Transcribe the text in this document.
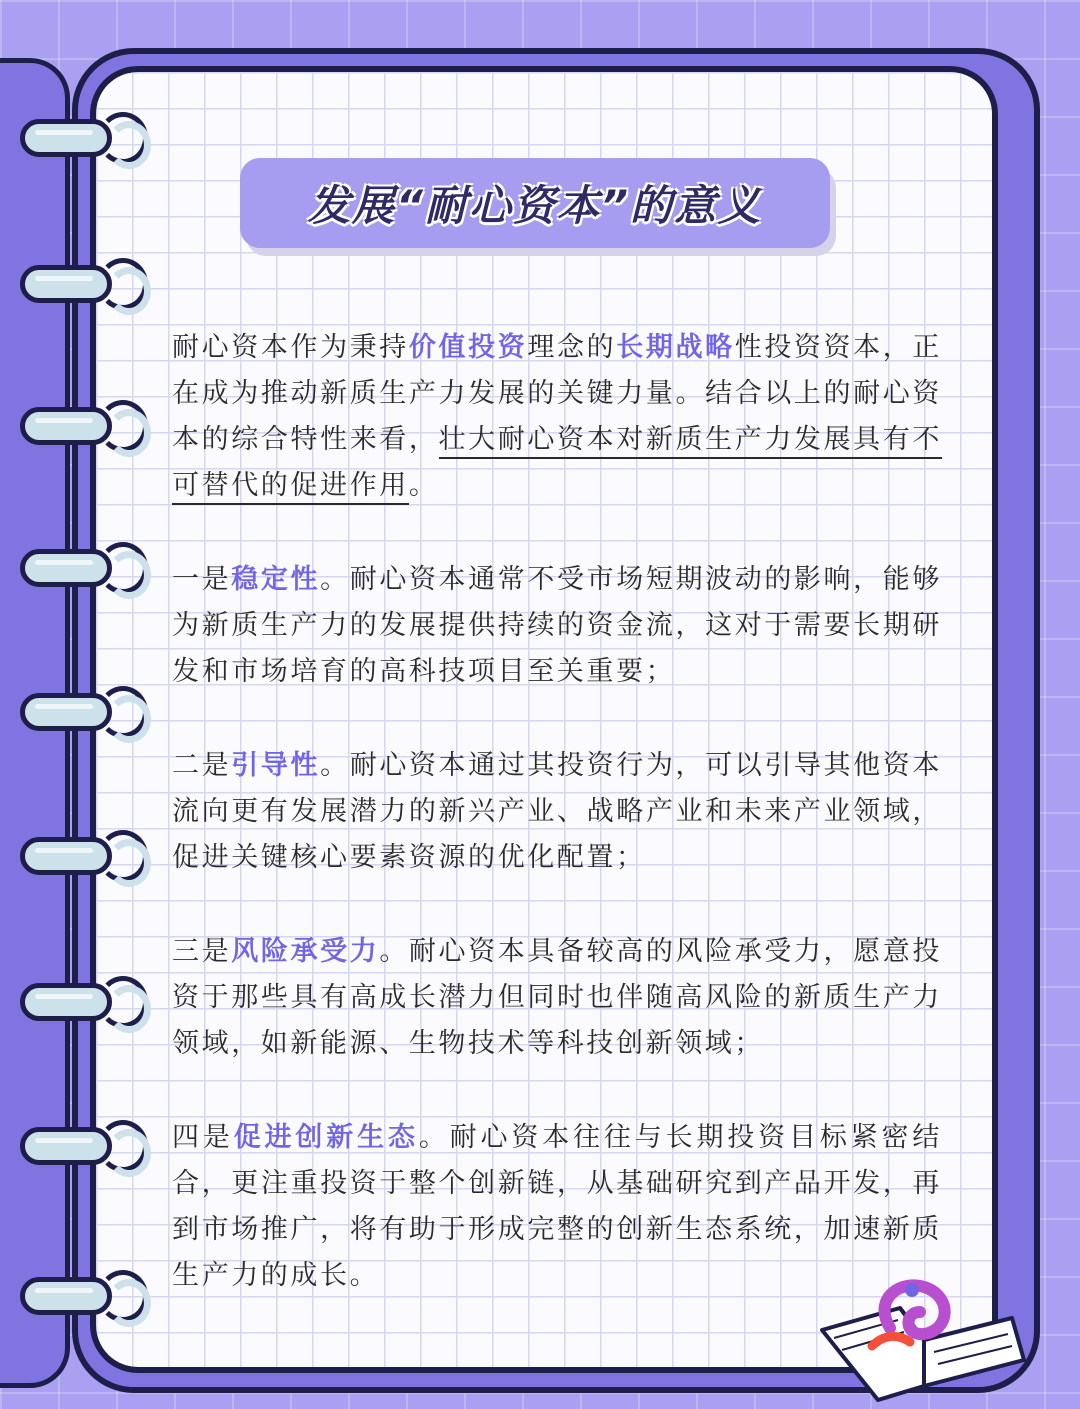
发展“耐心资本”的意义

耐心资本作为秉持价值投资理念的长期战略性投资资本，正在成为推动新质生产力发展的关键力量。结合以上的耐心资本的综合特性来看，壮大耐心资本对新质生产力发展具有不可替代的促进作用。

一是稳定性。耐心资本通常不受市场短期波动的影响，能够为新质生产力的发展提供持续的资金流，这对于需要长期研发和市场培育的高科技项目至关重要；

二是引导性。耐心资本通过其投资行为，可以引导其他资本流向更有发展潜力的新兴产业、战略产业和未来产业领域，促进关键核心要素资源的优化配置；

三是风险承受力。耐心资本具备较高的风险承受力，愿意投资于那些具有高成长潜力但同时也伴随高风险的新质生产力领域，如新能源、生物技术等科技创新领域；

四是促进创新生态。耐心资本往往与长期投资目标紧密结合，更注重投资于整个创新链，从基础研究到产品开发，再到市场推广，将有助于形成完整的创新生态系统，加速新质生产力的成长。
